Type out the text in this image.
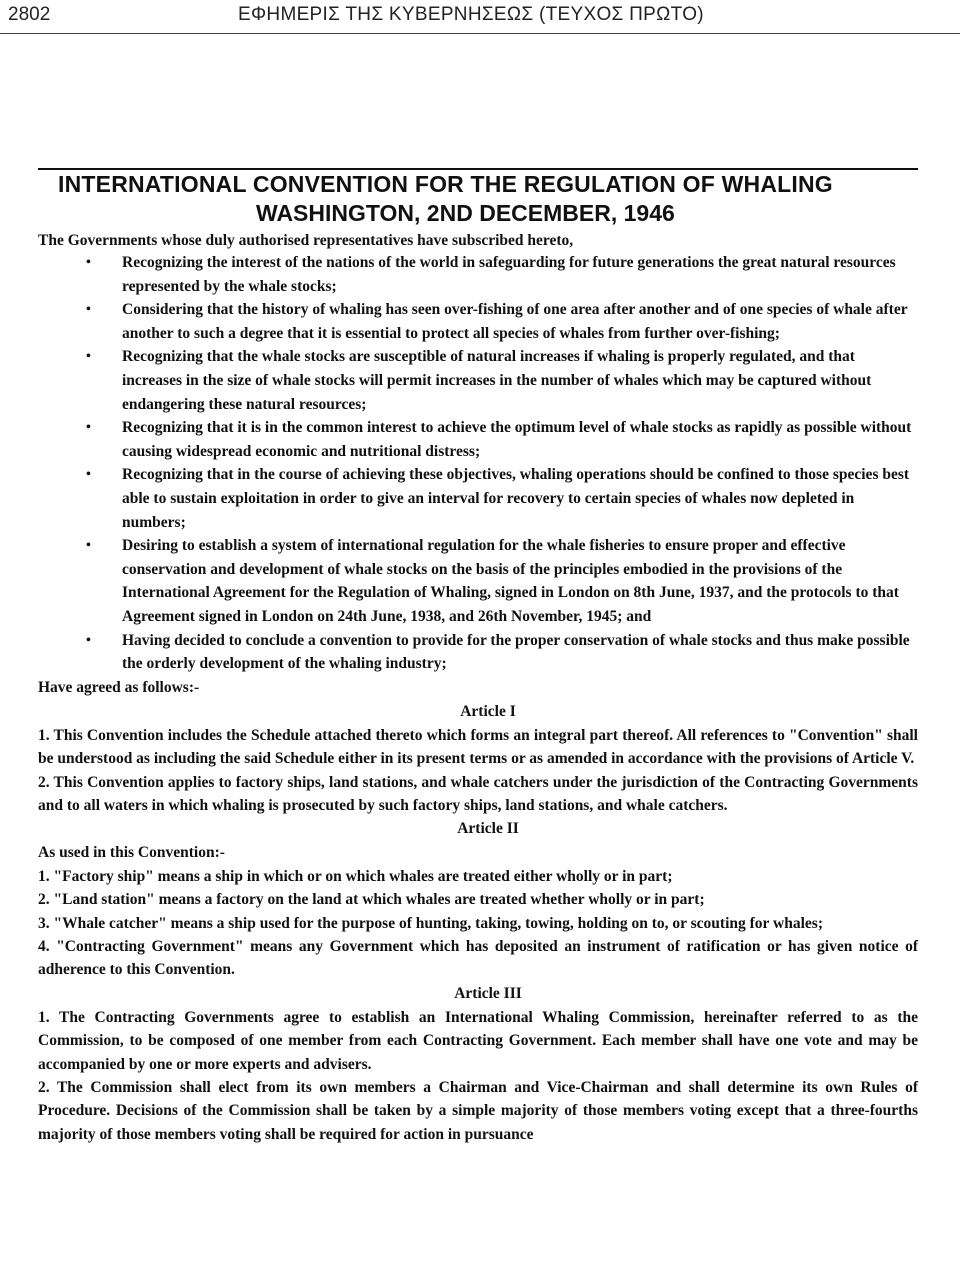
2802	ΕΦΗΜΕΡΙΣ ΤΗΣ ΚΥΒΕΡΝΗΣΕΩΣ (ΤΕΥΧΟΣ ΠΡΩΤΟ)
INTERNATIONAL CONVENTION FOR THE REGULATION OF WHALING
WASHINGTON, 2ND DECEMBER, 1946

The Governments whose duly authorised representatives have subscribed hereto,

• Recognizing the interest of the nations of the world in safeguarding for future generations the great natural resources represented by the whale stocks;
• Considering that the history of whaling has seen over-fishing of one area after another and of one species of whale after another to such a degree that it is essential to protect all species of whales from further over-fishing;
• Recognizing that the whale stocks are susceptible of natural increases if whaling is properly regulated, and that increases in the size of whale stocks will permit increases in the number of whales which may be captured without endangering these natural resources;
• Recognizing that it is in the common interest to achieve the optimum level of whale stocks as rapidly as possible without causing widespread economic and nutritional distress;
• Recognizing that in the course of achieving these objectives, whaling operations should be confined to those species best able to sustain exploitation in order to give an interval for recovery to certain species of whales now depleted in numbers;
• Desiring to establish a system of international regulation for the whale fisheries to ensure proper and effective conservation and development of whale stocks on the basis of the principles embodied in the provisions of the International Agreement for the Regulation of Whaling, signed in London on 8th June, 1937, and the protocols to that Agreement signed in London on 24th June, 1938, and 26th November, 1945; and
• Having decided to conclude a convention to provide for the proper conservation of whale stocks and thus make possible the orderly development of the whaling industry;

Have agreed as follows:-

Article I

1. This Convention includes the Schedule attached thereto which forms an integral part thereof. All references to "Convention" shall be understood as including the said Schedule either in its present terms or as amended in accordance with the provisions of Article V.

2. This Convention applies to factory ships, land stations, and whale catchers under the jurisdiction of the Contracting Governments and to all waters in which whaling is prosecuted by such factory ships, land stations, and whale catchers.

Article II

As used in this Convention:-

1. "Factory ship" means a ship in which or on which whales are treated either wholly or in part;

2. "Land station" means a factory on the land at which whales are treated whether wholly or in part;

3. "Whale catcher" means a ship used for the purpose of hunting, taking, towing, holding on to, or scouting for whales;

4. "Contracting Government" means any Government which has deposited an instrument of ratification or has given notice of adherence to this Convention.

Article III

1. The Contracting Governments agree to establish an International Whaling Commission, hereinafter referred to as the Commission, to be composed of one member from each Contracting Government. Each member shall have one vote and may be accompanied by one or more experts and advisers.

2. The Commission shall elect from its own members a Chairman and Vice-Chairman and shall determine its own Rules of Procedure. Decisions of the Commission shall be taken by a simple majority of those members voting except that a three-fourths majority of those members voting shall be required for action in pursuance
